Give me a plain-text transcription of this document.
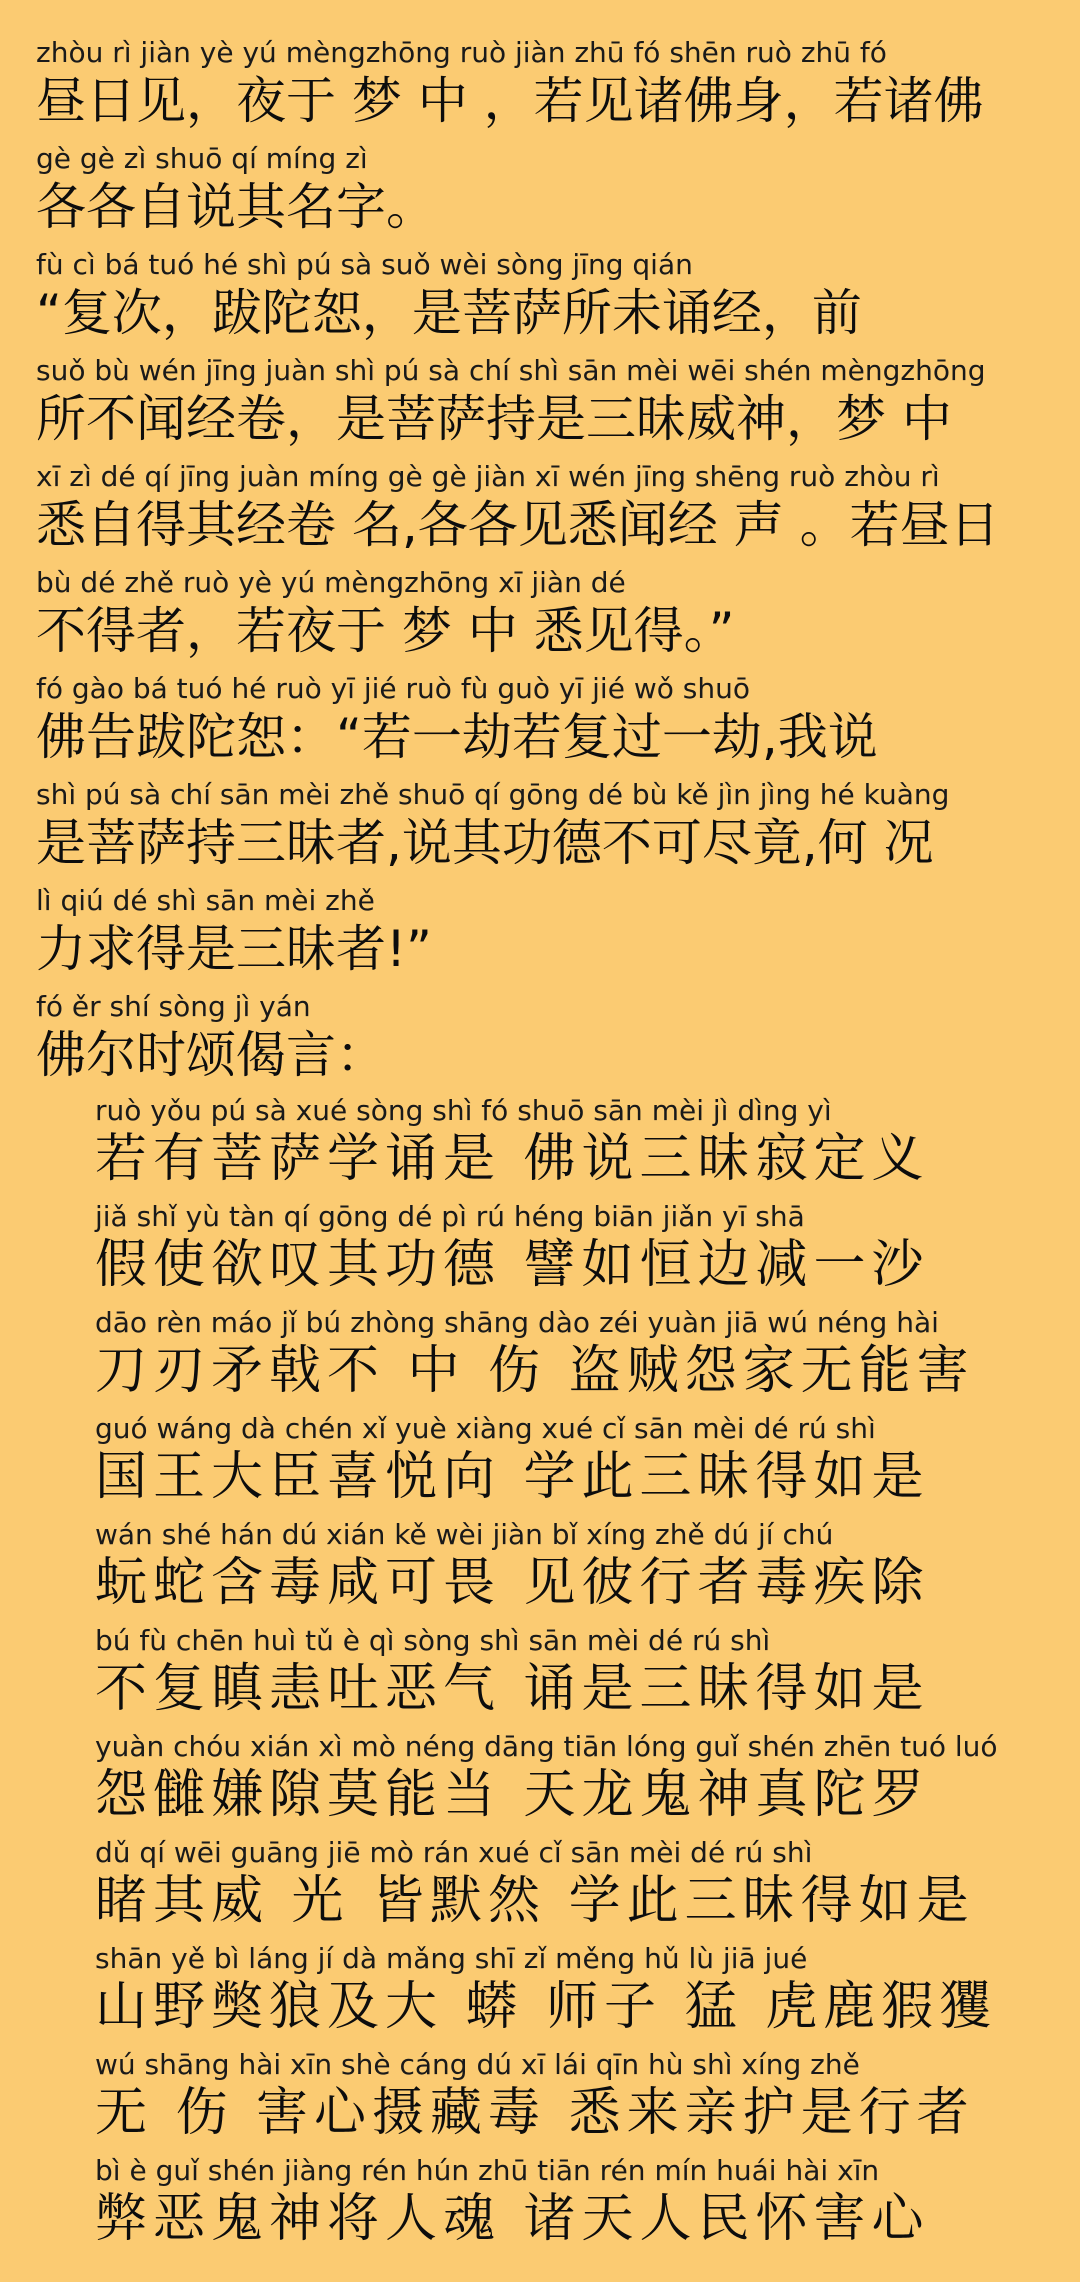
zhòu rì jiàn yè yú mèngzhōng ruò jiàn zhū fó shēn ruò zhū fó
昼日见，夜于 梦 中 ，若见诸佛身，若诸佛
gè gè zì shuō qí míng zì
各各自说其名字。
fù cì bá tuó hé shì pú sà suǒ wèi sòng jīng qián
“复次，跋陀恕，是菩萨所未诵经，前
suǒ bù wén jīng juàn shì pú sà chí shì sān mèi wēi shén mèngzhōng
所不闻经卷，是菩萨持是三昧威神，梦 中
xī zì dé qí jīng juàn míng gè gè jiàn xī wén jīng shēng ruò zhòu rì
悉自得其经卷 名,各各见悉闻经 声 。若昼日
bù dé zhě ruò yè yú mèngzhōng xī jiàn dé
不得者，若夜于 梦 中 悉见得。”
fó gào bá tuó hé ruò yī jié ruò fù guò yī jié wǒ shuō
佛告跋陀恕：“若一劫若复过一劫,我说
shì pú sà chí sān mèi zhě shuō qí gōng dé bù kě jìn jìng hé kuàng
是菩萨持三昧者,说其功德不可尽竟,何 况
lì qiú dé shì sān mèi zhě
力求得是三昧者!”
fó ěr shí sòng jì yán
佛尔时颂偈言：
ruò yǒu pú sà xué sòng shì fó shuō sān mèi jì dìng yì
若有菩萨学诵是 佛说三昧寂定义
jiǎ shǐ yù tàn qí gōng dé pì rú héng biān jiǎn yī shā
假使欲叹其功德 譬如恒边减一沙
dāo rèn máo jǐ bú zhòng shāng dào zéi yuàn jiā wú néng hài
刀刃矛戟不 中 伤 盗贼怨家无能害
guó wáng dà chén xǐ yuè xiàng xué cǐ sān mèi dé rú shì
国王大臣喜悦向 学此三昧得如是
wán shé hán dú xián kě wèi jiàn bǐ xíng zhě dú jí chú
蚖蛇含毒咸可畏 见彼行者毒疾除
bú fù chēn huì tǔ è qì sòng shì sān mèi dé rú shì
不复瞋恚吐恶气 诵是三昧得如是
yuàn chóu xián xì mò néng dāng tiān lóng guǐ shén zhēn tuó luó
怨雠嫌隙莫能当 天龙鬼神真陀罗
dǔ qí wēi guāng jiē mò rán xué cǐ sān mèi dé rú shì
睹其威 光 皆默然 学此三昧得如是
shān yě bì láng jí dà mǎng shī zǐ měng hǔ lù jiā jué
山野獘狼及大 蟒 师子 猛 虎鹿猳玃
wú shāng hài xīn shè cáng dú xī lái qīn hù shì xíng zhě
无 伤 害心摄藏毒 悉来亲护是行者
bì è guǐ shén jiàng rén hún zhū tiān rén mín huái hài xīn
弊恶鬼神将人魂 诸天人民怀害心
